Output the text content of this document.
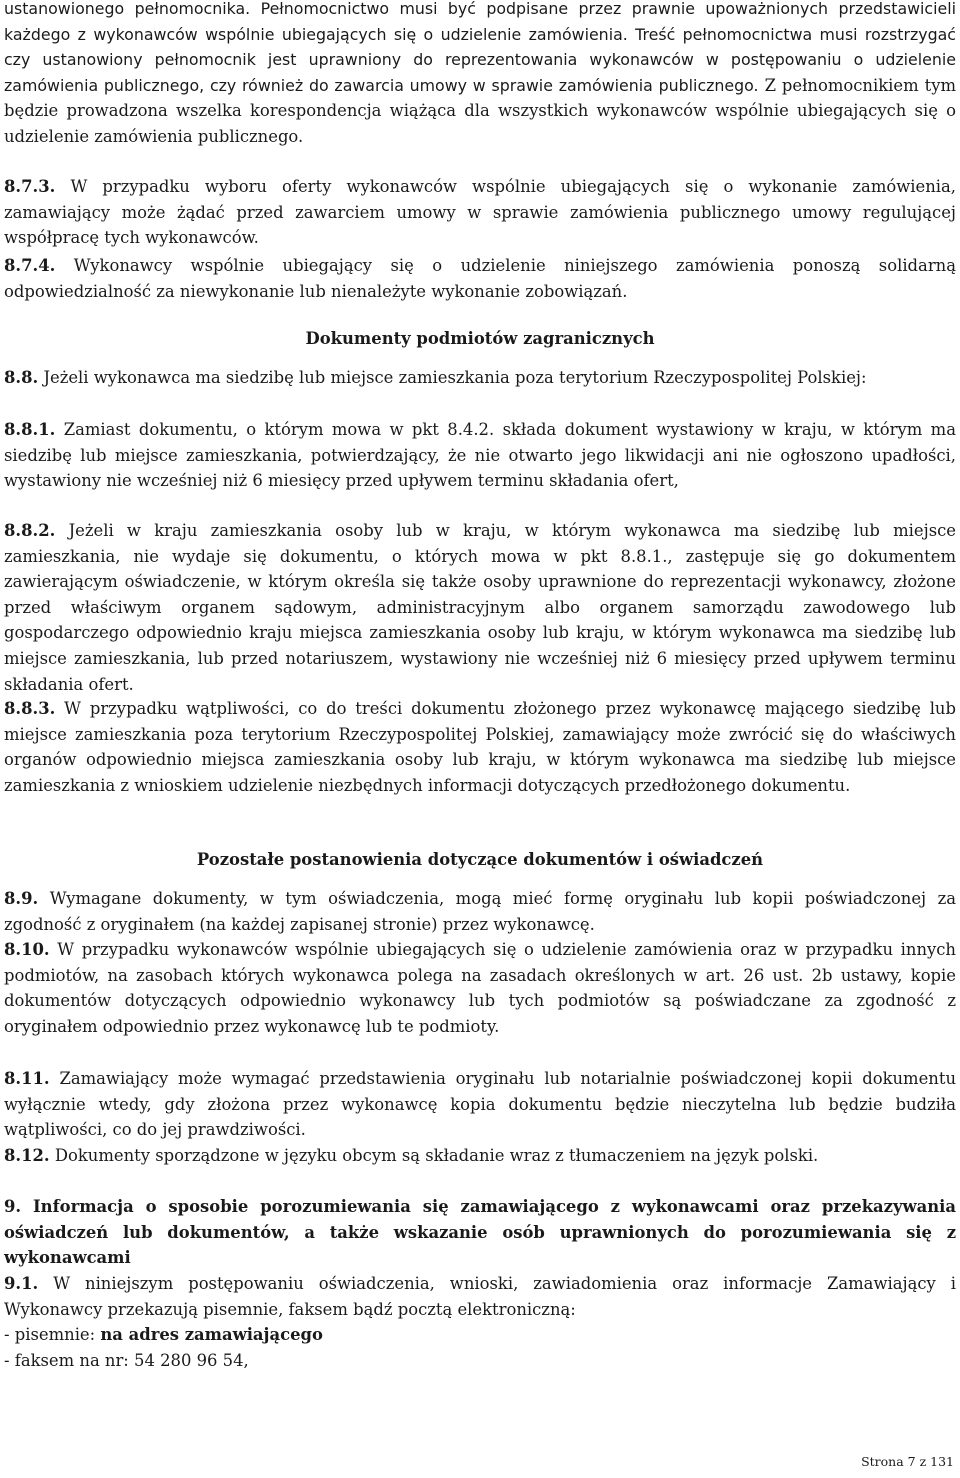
ustanowionego pełnomocnika. Pełnomocnictwo musi być podpisane przez prawnie upoważnionych przedstawicieli każdego z wykonawców wspólnie ubiegających się o udzielenie zamówienia. Treść pełnomocnictwa musi rozstrzygać czy ustanowiony pełnomocnik jest uprawniony do reprezentowania wykonawców w postępowaniu o udzielenie zamówienia publicznego, czy również do zawarcia umowy w sprawie zamówienia publicznego. Z pełnomocnikiem tym będzie prowadzona wszelka korespondencja wiążąca dla wszystkich wykonawców wspólnie ubiegających się o udzielenie zamówienia publicznego.

8.7.3. W przypadku wyboru oferty wykonawców wspólnie ubiegających się o wykonanie zamówienia, zamawiający może żądać przed zawarciem umowy w sprawie zamówienia publicznego umowy regulującej współpracę tych wykonawców.

8.7.4. Wykonawcy wspólnie ubiegający się o udzielenie niniejszego zamówienia ponoszą solidarną odpowiedzialność za niewykonanie lub nienależyte wykonanie zobowiązań.

Dokumenty podmiotów zagranicznych

8.8. Jeżeli wykonawca ma siedzibę lub miejsce zamieszkania poza terytorium Rzeczypospolitej Polskiej:

8.8.1. Zamiast dokumentu, o którym mowa w pkt 8.4.2. składa dokument wystawiony w kraju, w którym ma siedzibę lub miejsce zamieszkania, potwierdzający, że nie otwarto jego likwidacji ani nie ogłoszono upadłości, wystawiony nie wcześniej niż 6 miesięcy przed upływem terminu składania ofert,

8.8.2. Jeżeli w kraju zamieszkania osoby lub w kraju, w którym wykonawca ma siedzibę lub miejsce zamieszkania, nie wydaje się dokumentu, o których mowa w pkt 8.8.1., zastępuje się go dokumentem zawierającym oświadczenie, w którym określa się także osoby uprawnione do reprezentacji wykonawcy, złożone przed właściwym organem sądowym, administracyjnym albo organem samorządu zawodowego lub gospodarczego odpowiednio kraju miejsca zamieszkania osoby lub kraju, w którym wykonawca ma siedzibę lub miejsce zamieszkania, lub przed notariuszem, wystawiony nie wcześniej niż 6 miesięcy przed upływem terminu składania ofert.

8.8.3. W przypadku wątpliwości, co do treści dokumentu złożonego przez wykonawcę mającego siedzibę lub miejsce zamieszkania poza terytorium Rzeczypospolitej Polskiej, zamawiający może zwrócić się do właściwych organów odpowiednio miejsca zamieszkania osoby lub kraju, w którym wykonawca ma siedzibę lub miejsce zamieszkania z wnioskiem udzielenie niezbędnych informacji dotyczących przedłożonego dokumentu.

Pozostałe postanowienia dotyczące dokumentów i oświadczeń

8.9. Wymagane dokumenty, w tym oświadczenia, mogą mieć formę oryginału lub kopii poświadczonej za zgodność z oryginałem (na każdej zapisanej stronie) przez wykonawcę.

8.10. W przypadku wykonawców wspólnie ubiegających się o udzielenie zamówienia oraz w przypadku innych podmiotów, na zasobach których wykonawca polega na zasadach określonych w art. 26 ust. 2b ustawy, kopie dokumentów dotyczących odpowiednio wykonawcy lub tych podmiotów są poświadczane za zgodność z oryginałem odpowiednio przez wykonawcę lub te podmioty.

8.11. Zamawiający może wymagać przedstawienia oryginału lub notarialnie poświadczonej kopii dokumentu wyłącznie wtedy, gdy złożona przez wykonawcę kopia dokumentu będzie nieczytelna lub będzie budziła wątpliwości, co do jej prawdziwości.

8.12. Dokumenty sporządzone w języku obcym są składanie wraz z tłumaczeniem na język polski.

9. Informacja o sposobie porozumiewania się zamawiającego z wykonawcami oraz przekazywania oświadczeń lub dokumentów, a także wskazanie osób uprawnionych do porozumiewania się z wykonawcami

9.1. W niniejszym postępowaniu oświadczenia, wnioski, zawiadomienia oraz informacje Zamawiający i Wykonawcy przekazują pisemnie, faksem bądź pocztą elektroniczną:

- pisemnie: na adres zamawiającego

- faksem na nr: 54 280 96 54,

Strona 7 z 131
